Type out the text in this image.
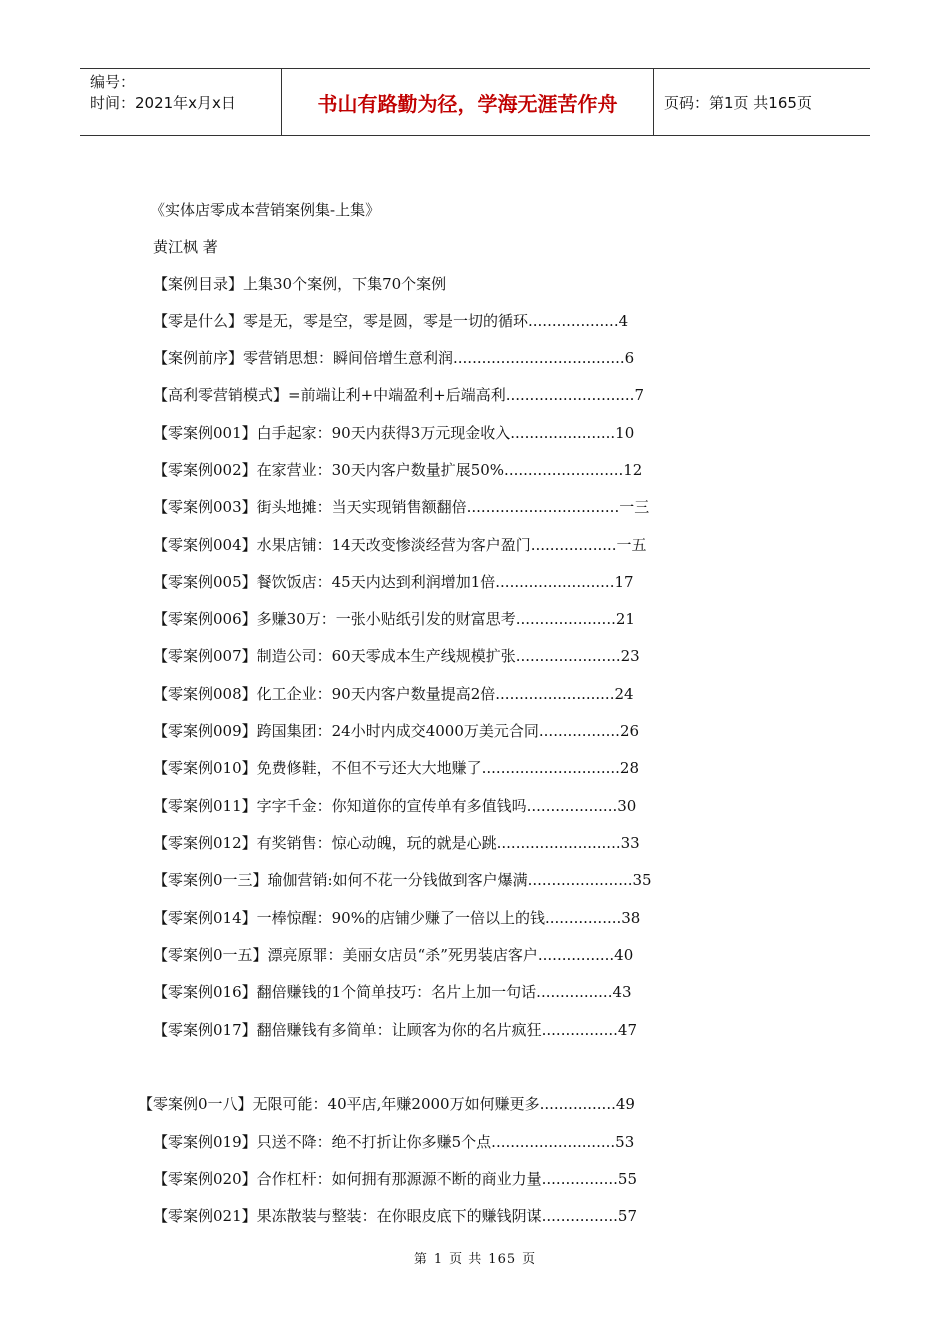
编号：
时间：2021年x月x日	书山有路勤为径，学海无涯苦作舟	页码：第1页 共165页
《实体店零成本营销案例集-上集》
黄江枫 著
【案例目录】上集30个案例，下集70个案例
【零是什么】零是无，零是空，零是圆，零是一切的循环...................4
【案例前序】零营销思想：瞬间倍增生意利润....................................6
【高利零营销模式】=前端让利+中端盈利+后端高利...........................7
【零案例001】白手起家：90天内获得3万元现金收入......................10
【零案例002】在家营业：30天内客户数量扩展50%.........................12
【零案例003】街头地摊：当天实现销售额翻倍................................一三
【零案例004】水果店铺：14天改变惨淡经营为客户盈门..................一五
【零案例005】餐饮饭店：45天内达到利润增加1倍.........................17
【零案例006】多赚30万：一张小贴纸引发的财富思考.....................21
【零案例007】制造公司：60天零成本生产线规模扩张......................23
【零案例008】化工企业：90天内客户数量提高2倍.........................24
【零案例009】跨国集团：24小时内成交4000万美元合同.................26
【零案例010】免费修鞋，不但不亏还大大地赚了.............................28
【零案例011】字字千金：你知道你的宣传单有多值钱吗...................30
【零案例012】有奖销售：惊心动魄，玩的就是心跳..........................33
【零案例0一三】瑜伽营销:如何不花一分钱做到客户爆满......................35
【零案例014】一棒惊醒：90%的店铺少赚了一倍以上的钱................38
【零案例0一五】漂亮原罪：美丽女店员“杀”死男装店客户................40
【零案例016】翻倍赚钱的1个简单技巧：名片上加一句话................43
【零案例017】翻倍赚钱有多简单：让顾客为你的名片疯狂................47
【零案例0一八】无限可能：40平店,年赚2000万如何赚更多................49
【零案例019】只送不降：绝不打折让你多赚5个点..........................53
【零案例020】合作杠杆：如何拥有那源源不断的商业力量................55
【零案例021】果冻散装与整装：在你眼皮底下的赚钱阴谋................57
第 1 页 共 165 页
